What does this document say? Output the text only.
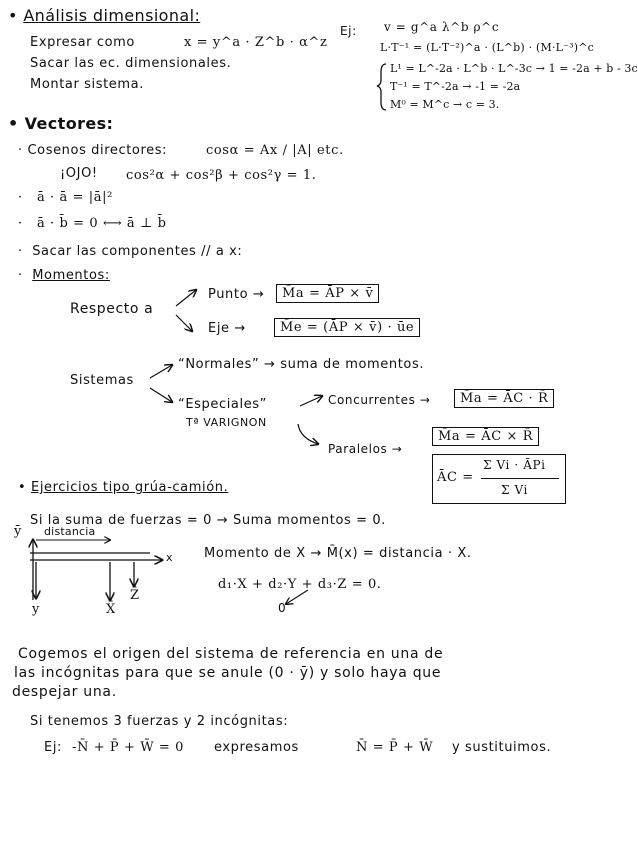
• Análisis dimensional:
Expresar como	x = y^a · Z^b · α^z
Sacar las ec. dimensionales.
Montar sistema.
Ej: v = g^a λ^b ρ^c
L·T⁻¹ = (L·T⁻²)^a · (L^b) · (M·L⁻³)^c
L¹ = L^-2a · L^b · L^-3c → 1 = -2a + b - 3c
T⁻¹ = T^-2a → -1 = -2a
M⁰ = M^c → c = 3.
• Vectores:
· Cosenos directores:	cosα = Ax / |A| etc.
¡OJO! cos²α + cos²β + cos²γ = 1.
·   ā · ā = |ā|²
·   ā · b̄ = 0 ⟷ ā ⊥ b̄
·  Sacar las componentes // a x:
·  Momentos:
Respecto a
Punto →	M̄a = ĀP × v̄
Eje →	M̄e = (ĀP × v̄) · ūe
Sistemas
“Normales” → suma de momentos.
“Especiales”
Tª VARIGNON
Concurrentes →	M̄a = ĀC · R̄
Paralelos →
M̄a = ĀC × R̄
ĀC =
Σ Vi · ĀPi
Σ Vi
• Ejercicios tipo grúa-camión.
Si la suma de fuerzas = 0 → Suma momentos = 0.
ȳ distancia
x
y	X̄
Z̄
Momento de X → M̄(x) = distancia · X.
d₁·X + d₂·Y + d₃·Z = 0.
0
Cogemos el origen del sistema de referencia en una de
las incógnitas para que se anule (0 · ȳ) y solo haya que
despejar una.
Si tenemos 3 fuerzas y 2 incógnitas:
Ej: -N̄ + P̄ + W̄ = 0 expresamos	N̄ = P̄ + W̄ y sustituimos.
